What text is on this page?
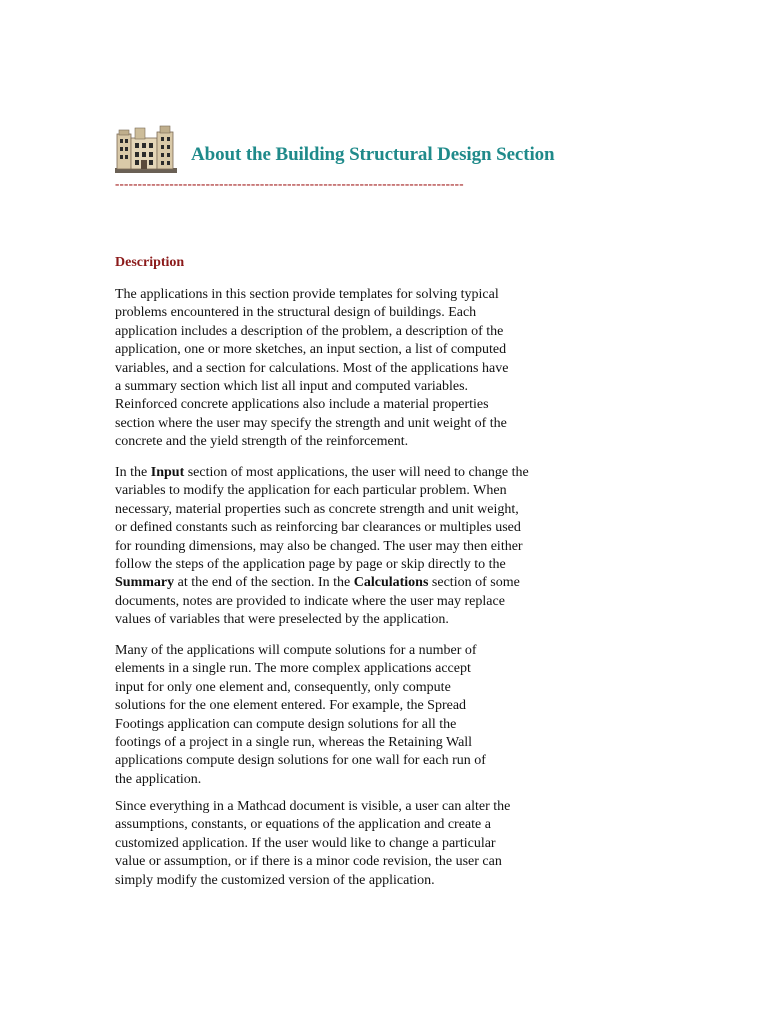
About the Building Structural Design Section
-----------------------------------------------------------------------------
Description

The applications in this section provide templates for solving typical
problems encountered in the structural design of buildings. Each
application includes a description of the problem, a description of the
application, one or more sketches, an input section, a list of computed
variables, and a section for calculations. Most of the applications have
a summary section which list all input and computed variables.
Reinforced concrete applications also include a material properties
section where the user may specify the strength and unit weight of the
concrete and the yield strength of the reinforcement.

In the Input section of most applications, the user will need to change the
variables to modify the application for each particular problem. When
necessary, material properties such as concrete strength and unit weight,
or defined constants such as reinforcing bar clearances or multiples used
for rounding dimensions, may also be changed. The user may then either
follow the steps of the application page by page or skip directly to the
Summary at the end of the section. In the Calculations section of some
documents, notes are provided to indicate where the user may replace
values of variables that were preselected by the application.

Many of the applications will compute solutions for a number of
elements in a single run. The more complex applications accept
input for only one element and, consequently, only compute
solutions for the one element entered. For example, the Spread
Footings application can compute design solutions for all the
footings of a project in a single run, whereas the Retaining Wall
applications compute design solutions for one wall for each run of
the application.

Since everything in a Mathcad document is visible, a user can alter the
assumptions, constants, or equations of the application and create a
customized application. If the user would like to change a particular
value or assumption, or if there is a minor code revision, the user can
simply modify the customized version of the application.
